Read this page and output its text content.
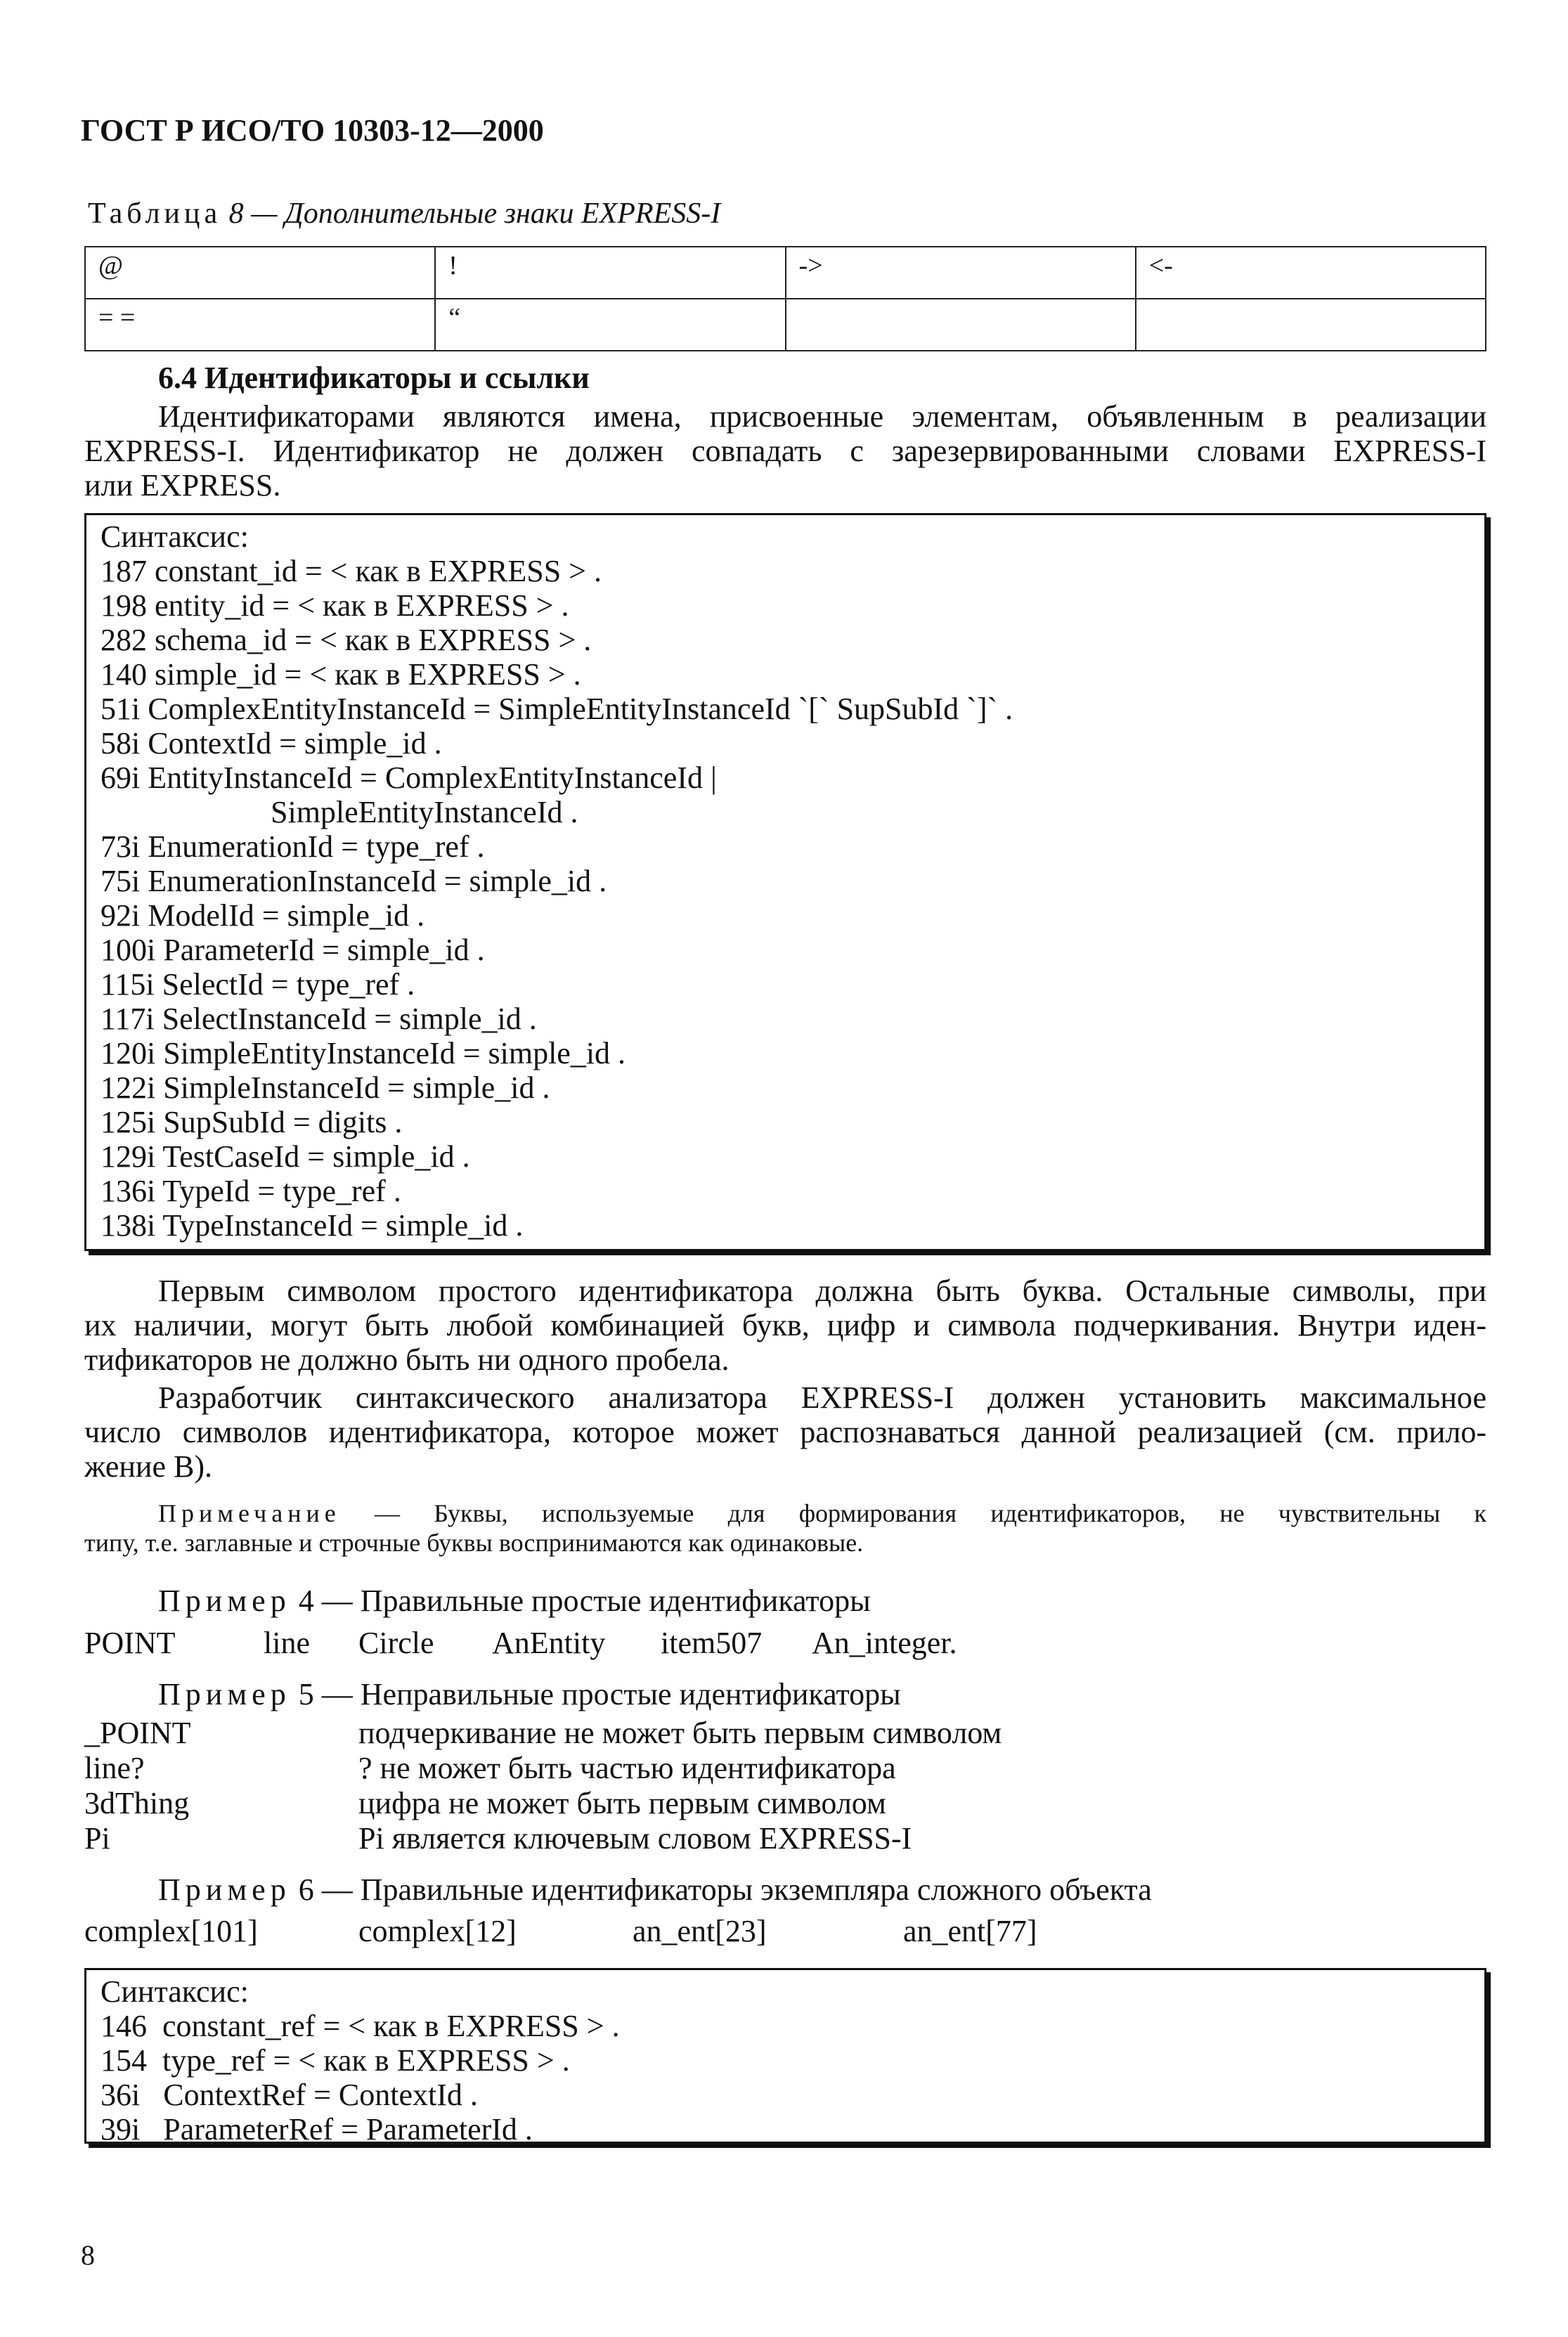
ГОСТ Р ИСО/ТО 10303-12—2000
Таблица 8 — Дополнительные знаки EXPRESS-I
@	!	->	<-
= =	“		
6.4 Идентификаторы и ссылки
Идентификаторами являются имена, присвоенные элементам, объявленным в реализации
EXPRESS-I. Идентификатор не должен совпадать с зарезервированными словами EXPRESS-I
или EXPRESS.
Синтаксис:
187 constant_id = < как в EXPRESS > .
198 entity_id = < как в EXPRESS > .
282 schema_id = < как в EXPRESS > .
140 simple_id = < как в EXPRESS > .
51i ComplexEntityInstanceId = SimpleEntityInstanceId `[` SupSubId `]` .
58i ContextId = simple_id .
69i EntityInstanceId = ComplexEntityInstanceId |
SimpleEntityInstanceId .
73i EnumerationId = type_ref .
75i EnumerationInstanceId = simple_id .
92i ModelId = simple_id .
100i ParameterId = simple_id .
115i SelectId = type_ref .
117i SelectInstanceId = simple_id .
120i SimpleEntityInstanceId = simple_id .
122i SimpleInstanceId = simple_id .
125i SupSubId = digits .
129i TestCaseId = simple_id .
136i TypeId = type_ref .
138i TypeInstanceId = simple_id .
Первым символом простого идентификатора должна быть буква. Остальные символы, при
их наличии, могут быть любой комбинацией букв, цифр и символа подчеркивания. Внутри иден-
тификаторов не должно быть ни одного пробела.
Разработчик синтаксического анализатора EXPRESS-I должен установить максимальное
число символов идентификатора, которое может распознаваться данной реализацией (см. прило-
жение В).
Примечание — Буквы, используемые для формирования идентификаторов, не чувствительны к
типу, т.е. заглавные и строчные буквы воспринимаются как одинаковые.
Пример 4 — Правильные простые идентификаторы
POINT	line Circle AnEntity item507 An_integer.
Пример 5 — Неправильные простые идентификаторы
_POINT	подчеркивание не может быть первым символом
line?	? не может быть частью идентификатора
3dThing	цифра не может быть первым символом
Pi	Pi является ключевым словом EXPRESS-I
Пример 6 — Правильные идентификаторы экземпляра сложного объекта
complex[101]	complex[12]	an_ent[23]	an_ent[77]
Синтаксис:
146  constant_ref = < как в EXPRESS > .
154  type_ref = < как в EXPRESS > .
36i   ContextRef = ContextId .
39i   ParameterRef = ParameterId .
8
